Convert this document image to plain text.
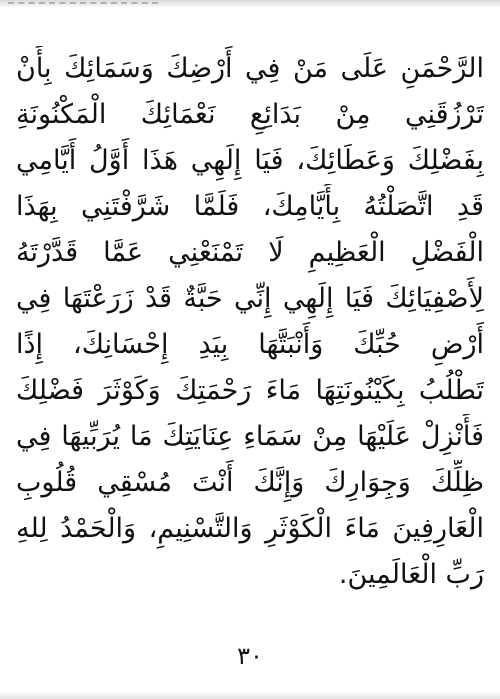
الرَّحْمَنِ عَلَى مَنْ فِي أَرْضِكَ وَسَمَائِكَ بِأَنْ
تَرْزُقَنِي مِنْ بَدَائِعِ نَعْمَائِكَ الْمَكْنُونَةِ
بِفَضْلِكَ وَعَطَائِكَ، فَيَا إِلَهِي هَذَا أَوَّلُ أَيَّامِي
قَدِ اتَّصَلْتُهُ بِأَيَّامِكَ، فَلَمَّا شَرَّفْتَنِي بِهَذَا
الْفَضْلِ الْعَظِيمِ لَا تَمْنَعْنِي عَمَّا قَدَّرْتَهُ
لِأَصْفِيَائِكَ فَيَا إِلَهِي إِنِّي حَبَّةٌ قَدْ زَرَعْتَهَا فِي
أَرْضِ حُبِّكَ وَأَنْبَتَّهَا بِيَدِ إِحْسَانِكَ، إِذًا
تَطْلُبُ بِكَيْنُونَتِهَا مَاءَ رَحْمَتِكَ وَكَوْثَرَ فَضْلِكَ
فَأَنْزِلْ عَلَيْهَا مِنْ سَمَاءِ عِنَايَتِكَ مَا يُرَبِّيهَا فِي
ظِلِّكَ وَجِوَارِكَ وَإِنَّكَ أَنْتَ مُسْقِي قُلُوبِ
الْعَارِفِينَ مَاءَ الْكَوْثَرِ وَالتَّسْنِيمِ، وَالْحَمْدُ لِلهِ
رَبِّ الْعَالَمِينَ.
٣٠
